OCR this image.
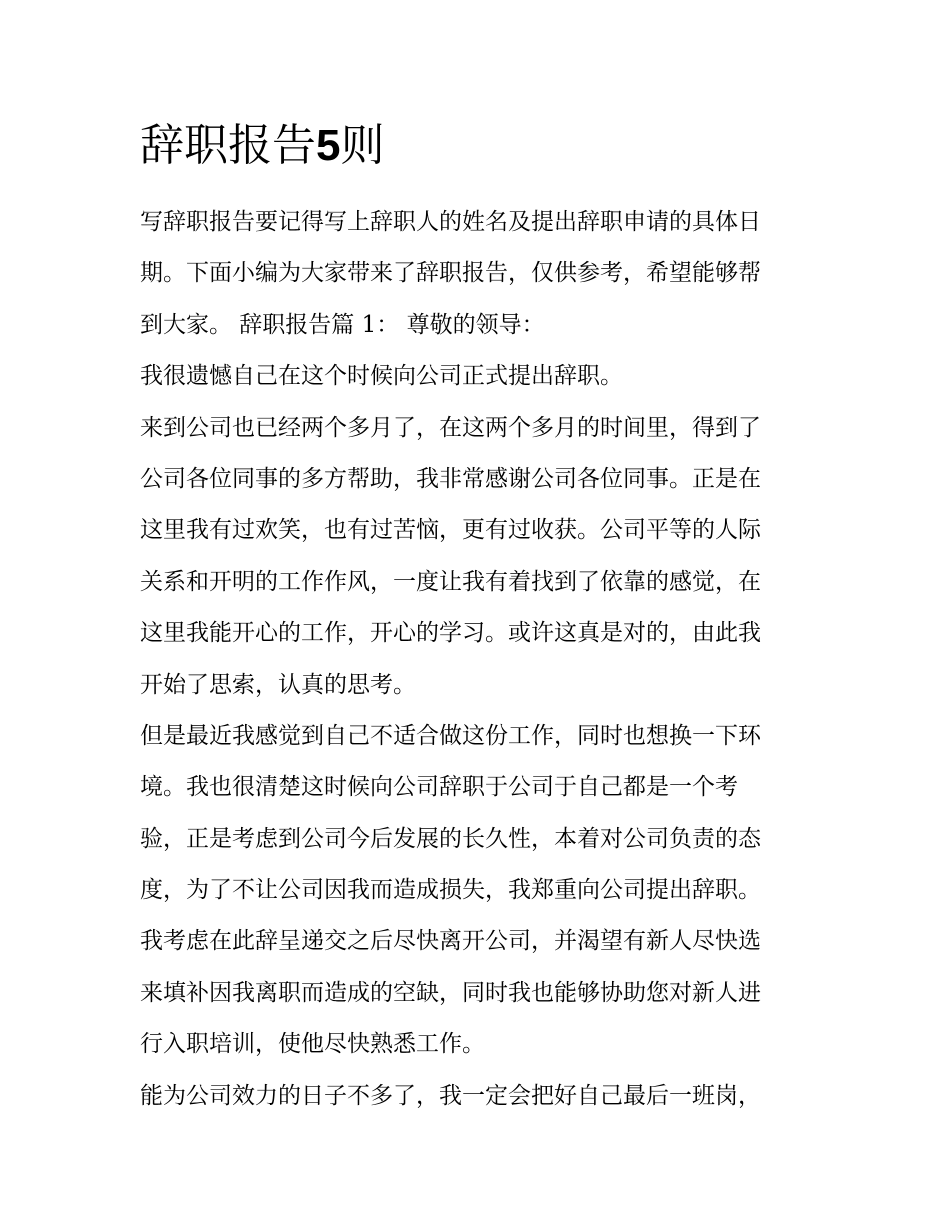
辞职报告5则

写辞职报告要记得写上辞职人的姓名及提出辞职申请的具体日
期。下面小编为大家带来了辞职报告，仅供参考，希望能够帮
到大家。 辞职报告篇 1： 尊敬的领导：

我很遗憾自己在这个时候向公司正式提出辞职。

来到公司也已经两个多月了，在这两个多月的时间里，得到了
公司各位同事的多方帮助，我非常感谢公司各位同事。正是在
这里我有过欢笑，也有过苦恼，更有过收获。公司平等的人际
关系和开明的工作作风，一度让我有着找到了依靠的感觉，在
这里我能开心的工作，开心的学习。或许这真是对的，由此我
开始了思索，认真的思考。

但是最近我感觉到自己不适合做这份工作，同时也想换一下环
境。我也很清楚这时候向公司辞职于公司于自己都是一个考
验，正是考虑到公司今后发展的长久性，本着对公司负责的态
度，为了不让公司因我而造成损失，我郑重向公司提出辞职。

我考虑在此辞呈递交之后尽快离开公司，并渴望有新人尽快选
来填补因我离职而造成的空缺，同时我也能够协助您对新人进
行入职培训，使他尽快熟悉工作。

能为公司效力的日子不多了，我一定会把好自己最后一班岗，
